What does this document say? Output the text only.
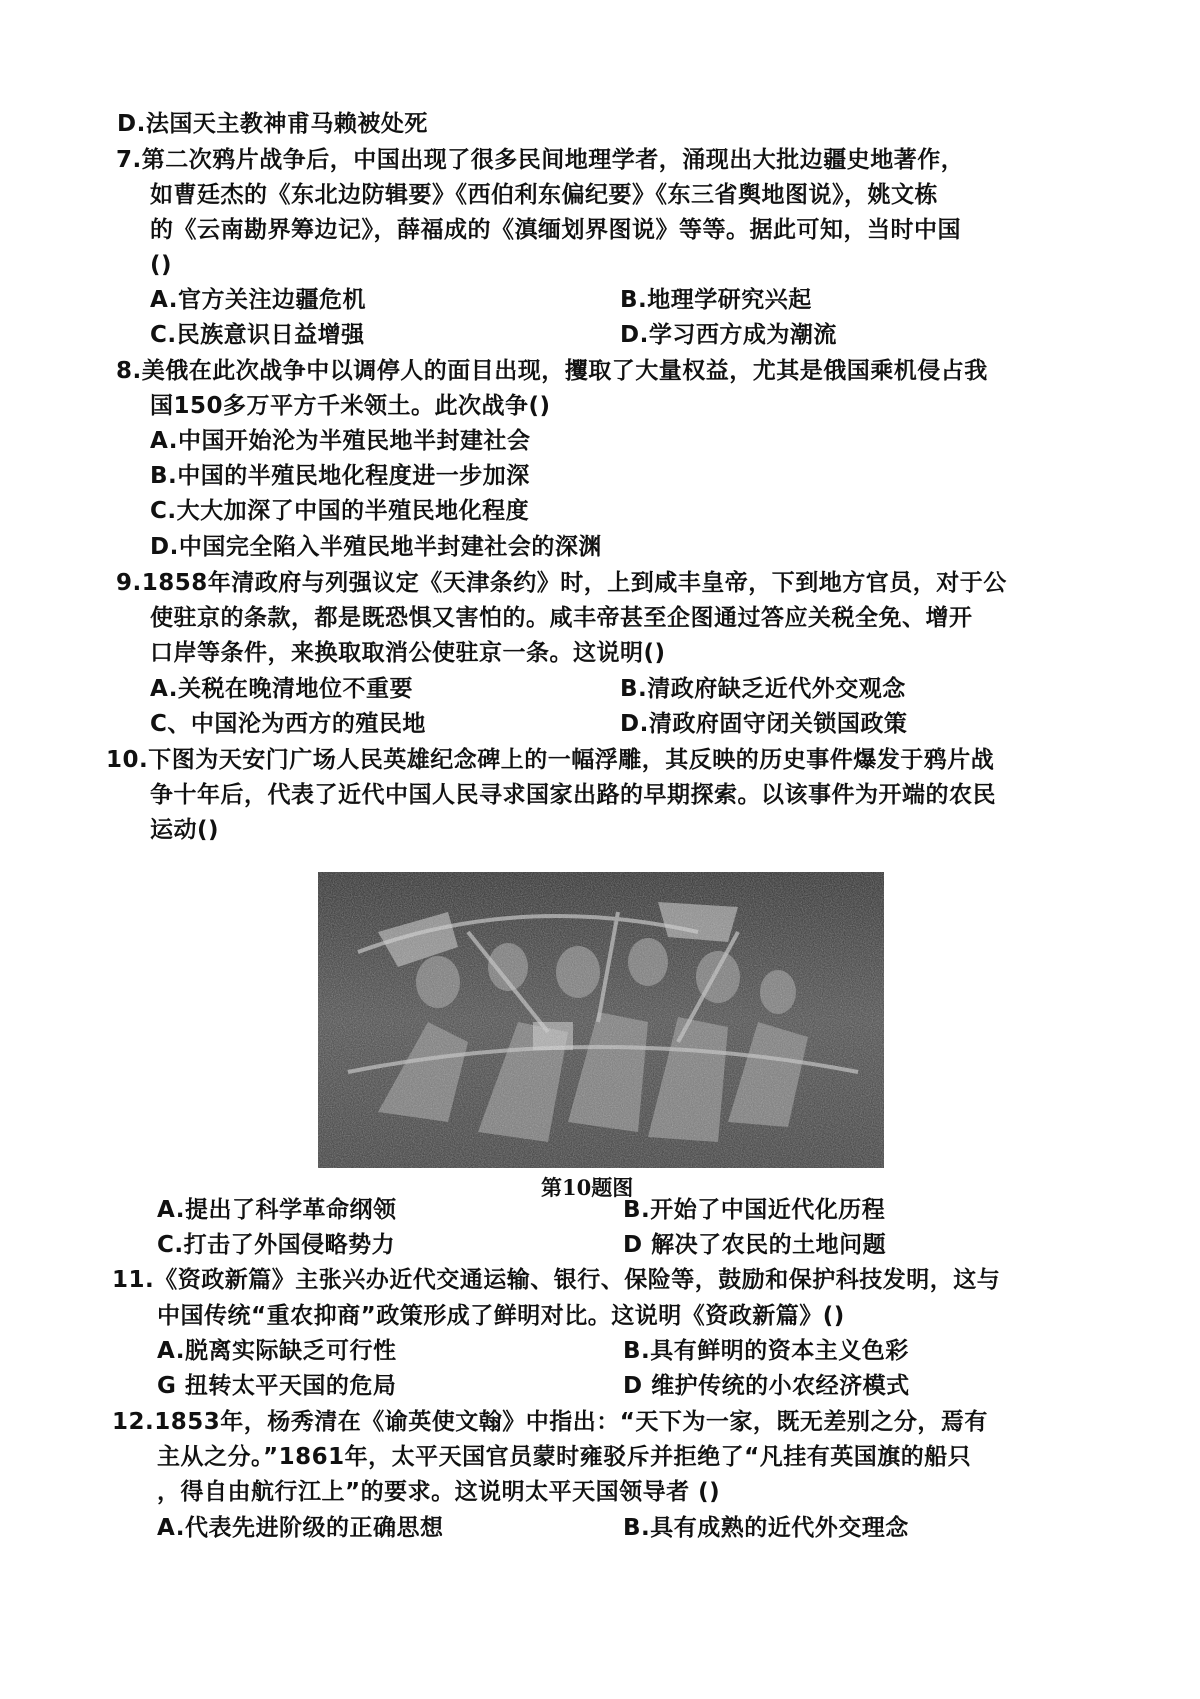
D.法国天主教神甫马赖被处死
7.第二次鸦片战争后，中国出现了很多民间地理学者，涌现出大批边疆史地著作，
如曹廷杰的《东北边防辑要》《西伯利东偏纪要》《东三省舆地图说》，姚文栋
的《云南勘界筹边记》，薛福成的《滇缅划界图说》等等。据此可知，当时中国
()
A.官方关注边疆危机	B.地理学研究兴起
C.民族意识日益增强	D.学习西方成为潮流
8.美俄在此次战争中以调停人的面目出现，攫取了大量权益，尤其是俄国乘机侵占我
国150多万平方千米领土。此次战争()
A.中国开始沦为半殖民地半封建社会
B.中国的半殖民地化程度进一步加深
C.大大加深了中国的半殖民地化程度
D.中国完全陷入半殖民地半封建社会的深渊
9.1858年清政府与列强议定《天津条约》时，上到咸丰皇帝，下到地方官员，对于公
使驻京的条款，都是既恐惧又害怕的。咸丰帝甚至企图通过答应关税全免、增开
口岸等条件，来换取取消公使驻京一条。这说明()
A.关税在晚清地位不重要	B.清政府缺乏近代外交观念
C、中国沦为西方的殖民地	D.清政府固守闭关锁国政策
10.下图为天安门广场人民英雄纪念碑上的一幅浮雕，其反映的历史事件爆发于鸦片战
争十年后，代表了近代中国人民寻求国家出路的早期探索。以该事件为开端的农民
运动()
A.提出了科学革命纲领	B.开始了中国近代化历程
C.打击了外国侵略势力	D 解决了农民的土地问题
11.《资政新篇》主张兴办近代交通运输、银行、保险等，鼓励和保护科技发明，这与
中国传统“重农抑商”政策形成了鲜明对比。这说明《资政新篇》()
A.脱离实际缺乏可行性	B.具有鲜明的资本主义色彩
G 扭转太平天国的危局	D 维护传统的小农经济模式
12.1853年，杨秀清在《谕英使文翰》中指出：“天下为一家，既无差别之分，焉有
主从之分。”1861年，太平天国官员蒙时雍驳斥并拒绝了“凡挂有英国旗的船只
，得自由航行江上”的要求。这说明太平天国领导者 ()
A.代表先进阶级的正确思想	B.具有成熟的近代外交理念
第10题图
